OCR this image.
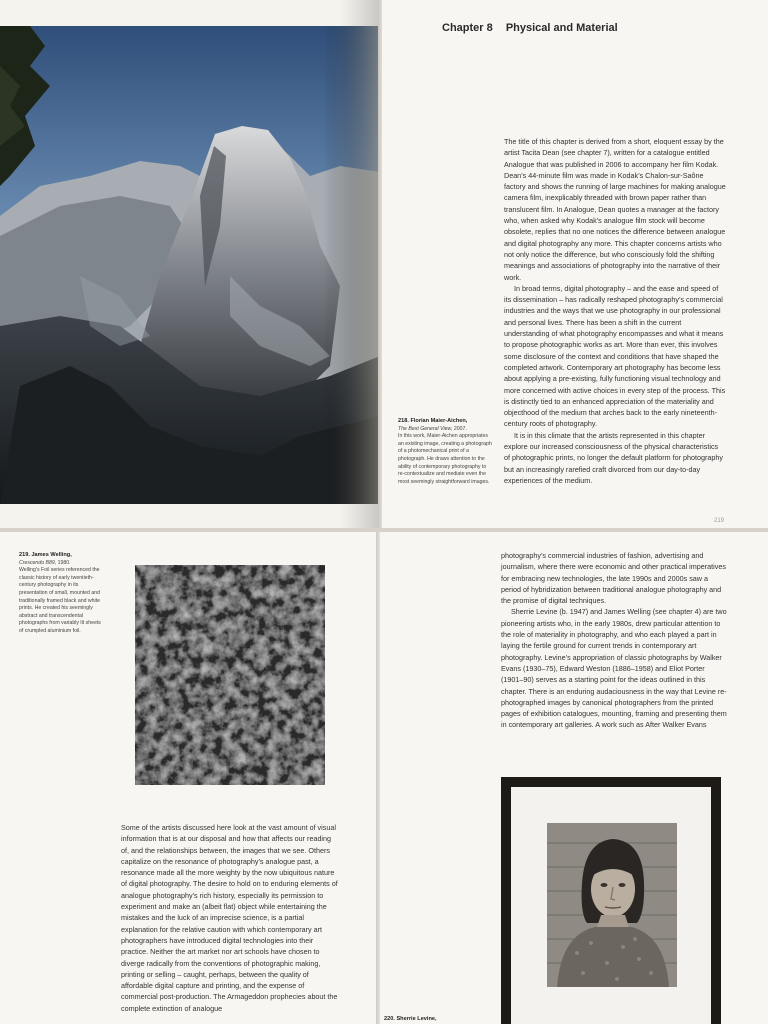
Chapter 8 Physical and Material

The title of this chapter is derived from a short, eloquent essay by the artist Tacita Dean (see chapter 7), written for a catalogue entitled Analogue that was published in 2006 to accompany her film Kodak. Dean’s 44-minute film was made in Kodak’s Chalon-sur-Saône factory and shows the running of large machines for making analogue camera film, inexplicably threaded with brown paper rather than translucent film. In Analogue, Dean quotes a manager at the factory who, when asked why Kodak’s analogue film stock will become obsolete, replies that no one notices the difference between analogue and digital photography any more. This chapter concerns artists who not only notice the difference, but who consciously fold the shifting meanings and associations of photography into the narrative of their work.

In broad terms, digital photography – and the ease and speed of its dissemination – has radically reshaped photography’s commercial industries and the ways that we use photography in our professional and personal lives. There has been a shift in the current understanding of what photography encompasses and what it means to propose photographic works as art. More than ever, this involves some disclosure of the context and conditions that have shaped the completed artwork. Contemporary art photography has become less about applying a pre-existing, fully functioning visual technology and more concerned with active choices in every step of the process. This is distinctly tied to an enhanced appreciation of the materiality and objecthood of the medium that arches back to the early nineteenth-century roots of photography.

It is in this climate that the artists represented in this chapter explore our increased consciousness of the physical characteristics of photographic prints, no longer the default platform for photography but an increasingly rarefied craft divorced from our day-to-day experiences of the medium.

218. Florian Maier-Aichen,
The Best General View, 2007.
In this work, Maier-Aichen appropriates an existing image, creating a photograph of a photomechanical print of a photograph. He draws attention to the ability of contemporary photography to re-contextualize and mediate even the most seemingly straightforward images.
219
219. James Welling,
Crescendo B89, 1980.
Welling’s Foil series referenced the classic history of early twentieth-century photography in its presentation of small, mounted and traditionally framed black and white prints. He created his seemingly abstract and transcendental photographs from variably lit sheets of crumpled aluminium foil.

Some of the artists discussed here look at the vast amount of visual information that is at our disposal and how that affects our reading of, and the relationships between, the images that we see. Others capitalize on the resonance of photography’s analogue past, a resonance made all the more weighty by the now ubiquitous nature of digital photography. The desire to hold on to enduring elements of analogue photography’s rich history, especially its permission to experiment and make an (albeit flat) object while entertaining the mistakes and the luck of an imprecise science, is a partial explanation for the relative caution with which contemporary art photographers have introduced digital technologies into their practice. Neither the art market nor art schools have chosen to diverge radically from the conventions of photographic making, printing or selling – caught, perhaps, between the quality of affordable digital capture and printing, and the expense of commercial post-production. The Armageddon prophecies about the complete extinction of analogue

photography’s commercial industries of fashion, advertising and journalism, where there were economic and other practical imperatives for embracing new technologies, the late 1990s and 2000s saw a period of hybridization between traditional analogue photography and the promise of digital techniques.

Sherrie Levine (b. 1947) and James Welling (see chapter 4) are two pioneering artists who, in the early 1980s, drew particular attention to the role of materiality in photography, and who each played a part in laying the fertile ground for current trends in contemporary art photography. Levine’s appropriation of classic photographs by Walker Evans (1930–75), Edward Weston (1886–1958) and Eliot Porter (1901–90) serves as a starting point for the ideas outlined in this chapter. There is an enduring audaciousness in the way that Levine re-photographed images by canonical photographers from the printed pages of exhibition catalogues, mounting, framing and presenting them in contemporary art galleries. A work such as After Walker Evans

220. Sherrie Levine,
